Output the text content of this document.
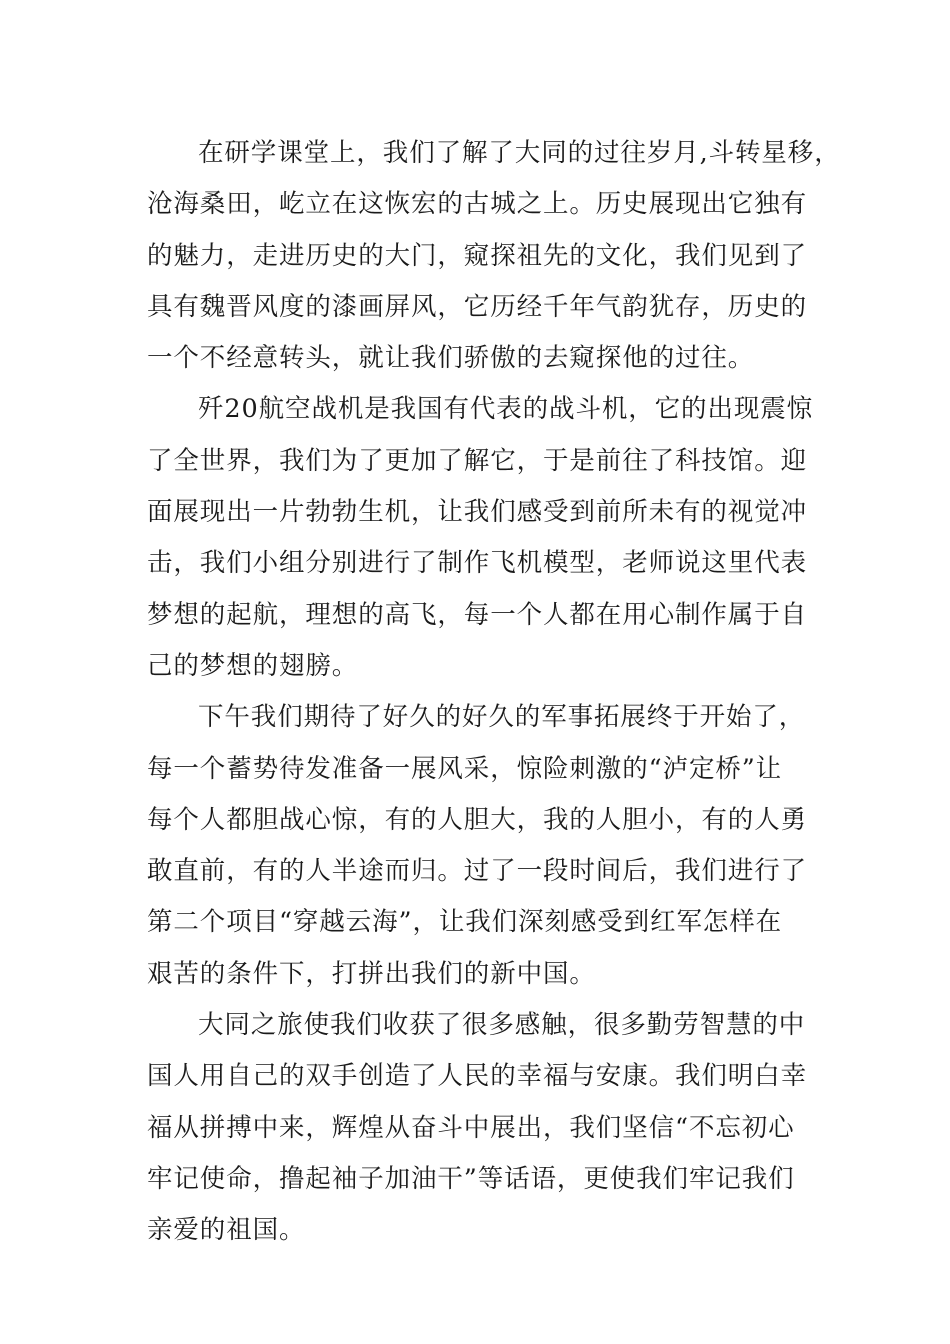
在研学课堂上，我们了解了大同的过往岁月,斗转星移，
沧海桑田，屹立在这恢宏的古城之上。历史展现出它独有
的魅力，走进历史的大门，窥探祖先的文化，我们见到了
具有魏晋风度的漆画屏风，它历经千年气韵犹存，历史的
一个不经意转头，就让我们骄傲的去窥探他的过往。

歼20航空战机是我国有代表的战斗机，它的出现震惊
了全世界，我们为了更加了解它，于是前往了科技馆。迎
面展现出一片勃勃生机，让我们感受到前所未有的视觉冲
击，我们小组分别进行了制作飞机模型，老师说这里代表
梦想的起航，理想的高飞，每一个人都在用心制作属于自
己的梦想的翅膀。

下午我们期待了好久的好久的军事拓展终于开始了，
每一个蓄势待发准备一展风采，惊险刺激的“泸定桥”让
每个人都胆战心惊，有的人胆大，我的人胆小，有的人勇
敢直前，有的人半途而归。过了一段时间后，我们进行了
第二个项目“穿越云海”，让我们深刻感受到红军怎样在
艰苦的条件下，打拼出我们的新中国。

大同之旅使我们收获了很多感触，很多勤劳智慧的中
国人用自己的双手创造了人民的幸福与安康。我们明白幸
福从拼搏中来，辉煌从奋斗中展出，我们坚信“不忘初心
牢记使命，撸起袖子加油干”等话语，更使我们牢记我们
亲爱的祖国。
